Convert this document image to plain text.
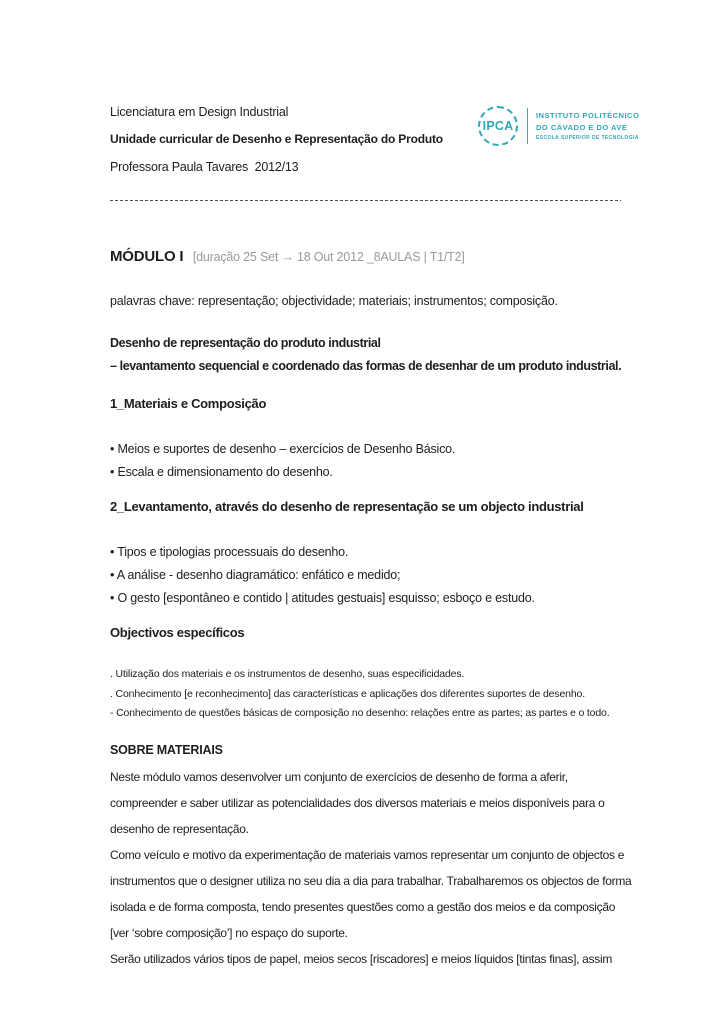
Licenciatura em Design Industrial
Unidade curricular de Desenho e Representação do Produto
Professora Paula Tavares  2012/13
IPCA
INSTITUTO POLITÉCNICO
DO CÁVADO E DO AVE
ESCOLA SUPERIOR DE TECNOLOGIA
MÓDULO I [duração 25 Set → 18 Out 2012 _8AULAS | T1/T2]
palavras chave: representação; objectividade; materiais; instrumentos; composição.
Desenho de representação do produto industrial
– levantamento sequencial e coordenado das formas de desenhar de um produto industrial.
1_Materiais e Composição
• Meios e suportes de desenho – exercícios de Desenho Básico.
• Escala e dimensionamento do desenho.
2_Levantamento, através do desenho de representação se um objecto industrial
• Tipos e tipologias processuais do desenho.
• A análise - desenho diagramático: enfático e medido;
• O gesto [espontâneo e contido | atitudes gestuais] esquisso; esboço e estudo.
Objectivos específicos
. Utilização dos materiais e os instrumentos de desenho, suas especificidades.
. Conhecimento [e reconhecimento] das características e aplicações dos diferentes suportes de desenho.
- Conhecimento de questões básicas de composição no desenho: relações entre as partes; as partes e o todo.
SOBRE MATERIAIS
Neste módulo vamos desenvolver um conjunto de exercícios de desenho de forma a aferir,
compreender e saber utilizar as potencialidades dos diversos materiais e meios disponíveis para o
desenho de representação.
Como veículo e motivo da experimentação de materiais vamos representar um conjunto de objectos e
instrumentos que o designer utiliza no seu dia a dia para trabalhar. Trabalharemos os objectos de forma
isolada e de forma composta, tendo presentes questões como a gestão dos meios e da composição
[ver ‘sobre composição’] no espaço do suporte.
Serão utilizados vários tipos de papel, meios secos [riscadores] e meios líquidos [tintas finas], assim
